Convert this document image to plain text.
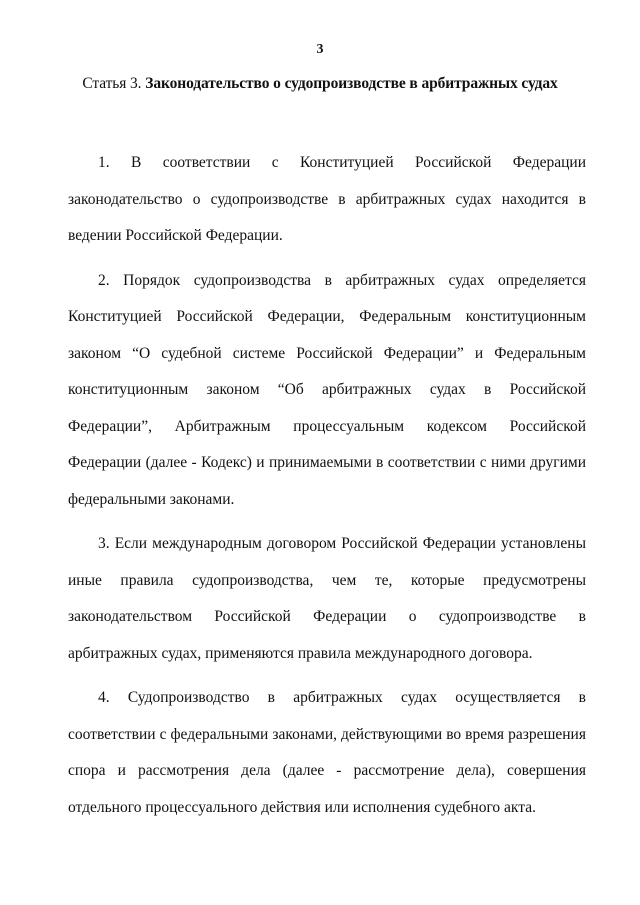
3
Статья 3. Законодательство о судопроизводстве в арбитражных судах

1. В соответствии с Конституцией Российской Федерации законодательство о судопроизводстве в арбитражных судах находится в ведении Российской Федерации.

2. Порядок судопроизводства в арбитражных судах определяется Конституцией Российской Федерации, Федеральным конституционным законом “О судебной системе Российской Федерации” и Федеральным конституционным законом “Об арбитражных судах в Российской Федерации”, Арбитражным процессуальным кодексом Российской Федерации (далее - Кодекс) и принимаемыми в соответствии с ними другими федеральными законами.

3. Если международным договором Российской Федерации установлены иные правила судопроизводства, чем те, которые предусмотрены законодательством Российской Федерации о судопроизводстве в арбитражных судах, применяются правила международного договора.

4. Судопроизводство в арбитражных судах осуществляется в соответствии с федеральными законами, действующими во время разрешения спора и рассмотрения дела (далее - рассмотрение дела), совершения отдельного процессуального действия или исполнения судебного акта.
